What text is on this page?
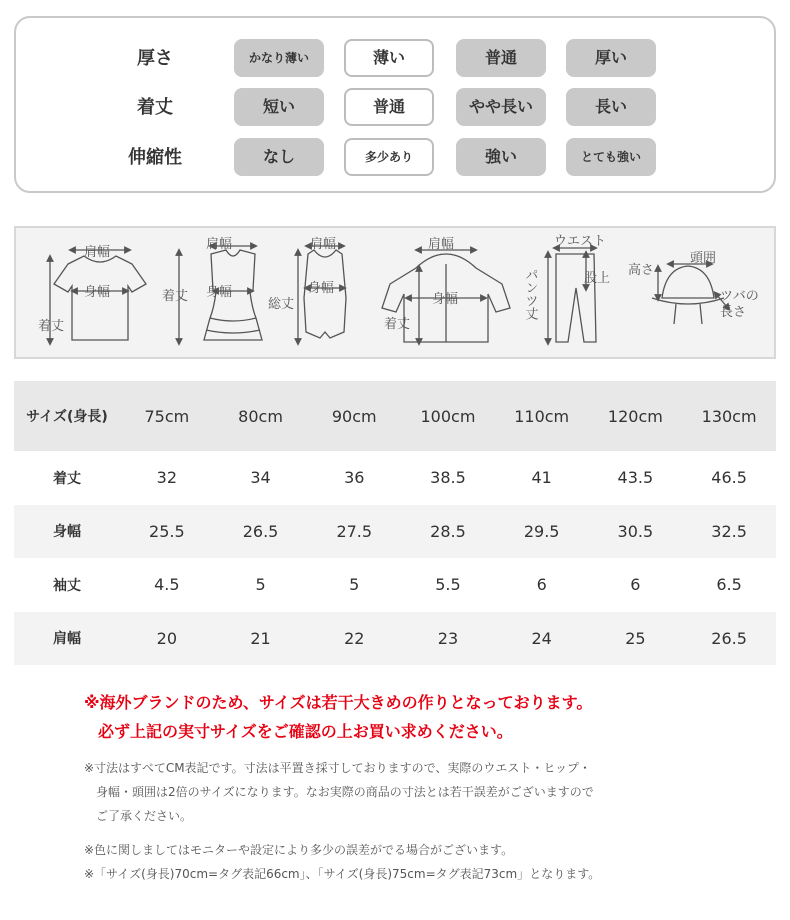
厚さ	かなり薄い	薄い	普通	厚い
着丈	短い	普通	やや長い	長い
伸縮性	なし	多少あり	強い	とても強い
肩幅
身幅
着丈
肩幅
身幅
着丈
肩幅
身幅
総丈
肩幅
身幅
着丈
ウエスト
パンツ丈	股上
高さ
頭囲
ツバの
長さ
サイズ(身長)	75cm	80cm	90cm	100cm	110cm	120cm	130cm
着丈	32	34	36	38.5	41	43.5	46.5
身幅	25.5	26.5	27.5	28.5	29.5	30.5	32.5
袖丈	4.5	5	5	5.5	6	6	6.5
肩幅	20	21	22	23	24	25	26.5
※海外ブランドのため、サイズは若干大きめの作りとなっております。
必ず上記の実寸サイズをご確認の上お買い求めください。
※寸法はすべてCM表記です。寸法は平置き採寸しておりますので、実際のウエスト・ヒップ・
身幅・頭囲は2倍のサイズになります。なお実際の商品の寸法とは若干誤差がございますので
ご了承ください。
※色に関しましてはモニターや設定により多少の誤差がでる場合がございます。
※「サイズ(身長)70cm=タグ表記66cm」、「サイズ(身長)75cm=タグ表記73cm」となります。
